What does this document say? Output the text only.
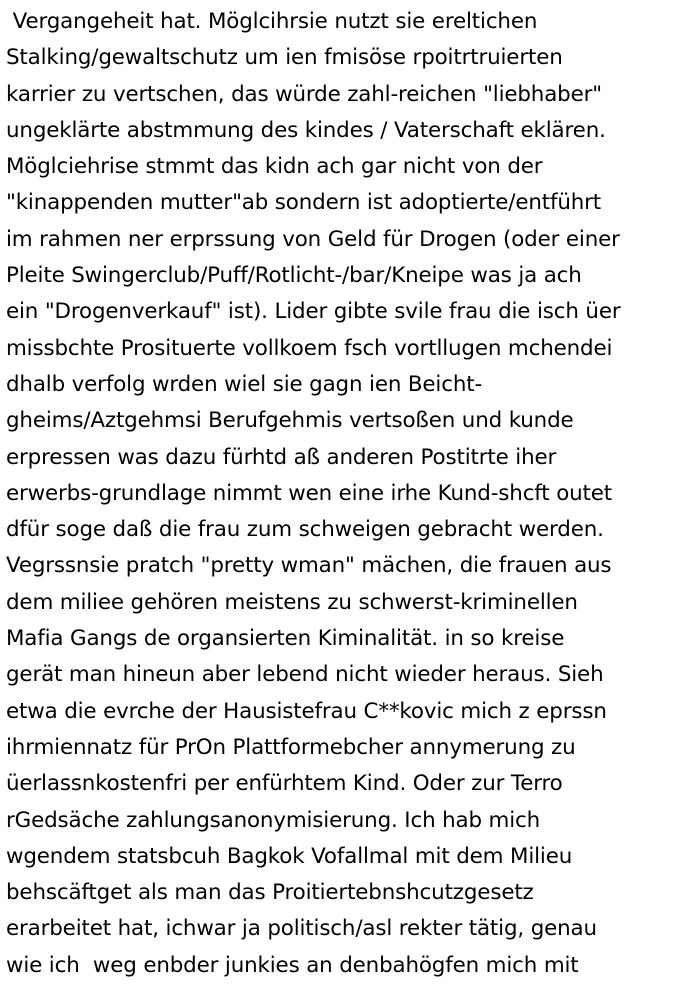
Vergangeheit hat. Möglcihrsie nutzt sie ereltichen
Stalking/gewaltschutz um ien fmisöse rpoitrtruierten
karrier zu vertschen, das würde zahl-reichen "liebhaber"
ungeklärte abstmmung des kindes / Vaterschaft eklären.
Möglciehrise stmmt das kidn ach gar nicht von der
"kinappenden mutter"ab sondern ist adoptierte/entführt
im rahmen ner erprssung von Geld für Drogen (oder einer
Pleite Swingerclub/Puff/Rotlicht-/bar/Kneipe was ja ach
ein "Drogenverkauf" ist). Lider gibte svile frau die isch üer
missbchte Prosituerte vollkoem fsch vortllugen mchendei
dhalb verfolg wrden wiel sie gagn ien Beicht-
gheims/Aztgehmsi Berufgehmis vertsoßen und kunde
erpressen was dazu fürhtd aß anderen Postitrte iher
erwerbs-grundlage nimmt wen eine irhe Kund-shcft outet
dfür soge daß die frau zum schweigen gebracht werden.
Vegrssnsie pratch "pretty wman" mächen, die frauen aus
dem miliee gehören meistens zu schwerst-kriminellen
Mafia Gangs de organsierten Kiminalität. in so kreise
gerät man hineun aber lebend nicht wieder heraus. Sieh
etwa die evrche der Hausistefrau C**kovic mich z eprssn
ihrmiennatz für PrOn Plattformebcher annymerung zu
üerlassnkostenfri per enfürhtem Kind. Oder zur Terro
rGedsäche zahlungsanonymisierung. Ich hab mich
wgendem statsbcuh Bagkok Vofallmal mit dem Milieu
behscäftget als man das Proitiertebnshcutzgesetz
erarbeitet hat, ichwar ja politisch/asl rekter tätig, genau
wie ich  weg enbder junkies an denbahögfen mich mit
